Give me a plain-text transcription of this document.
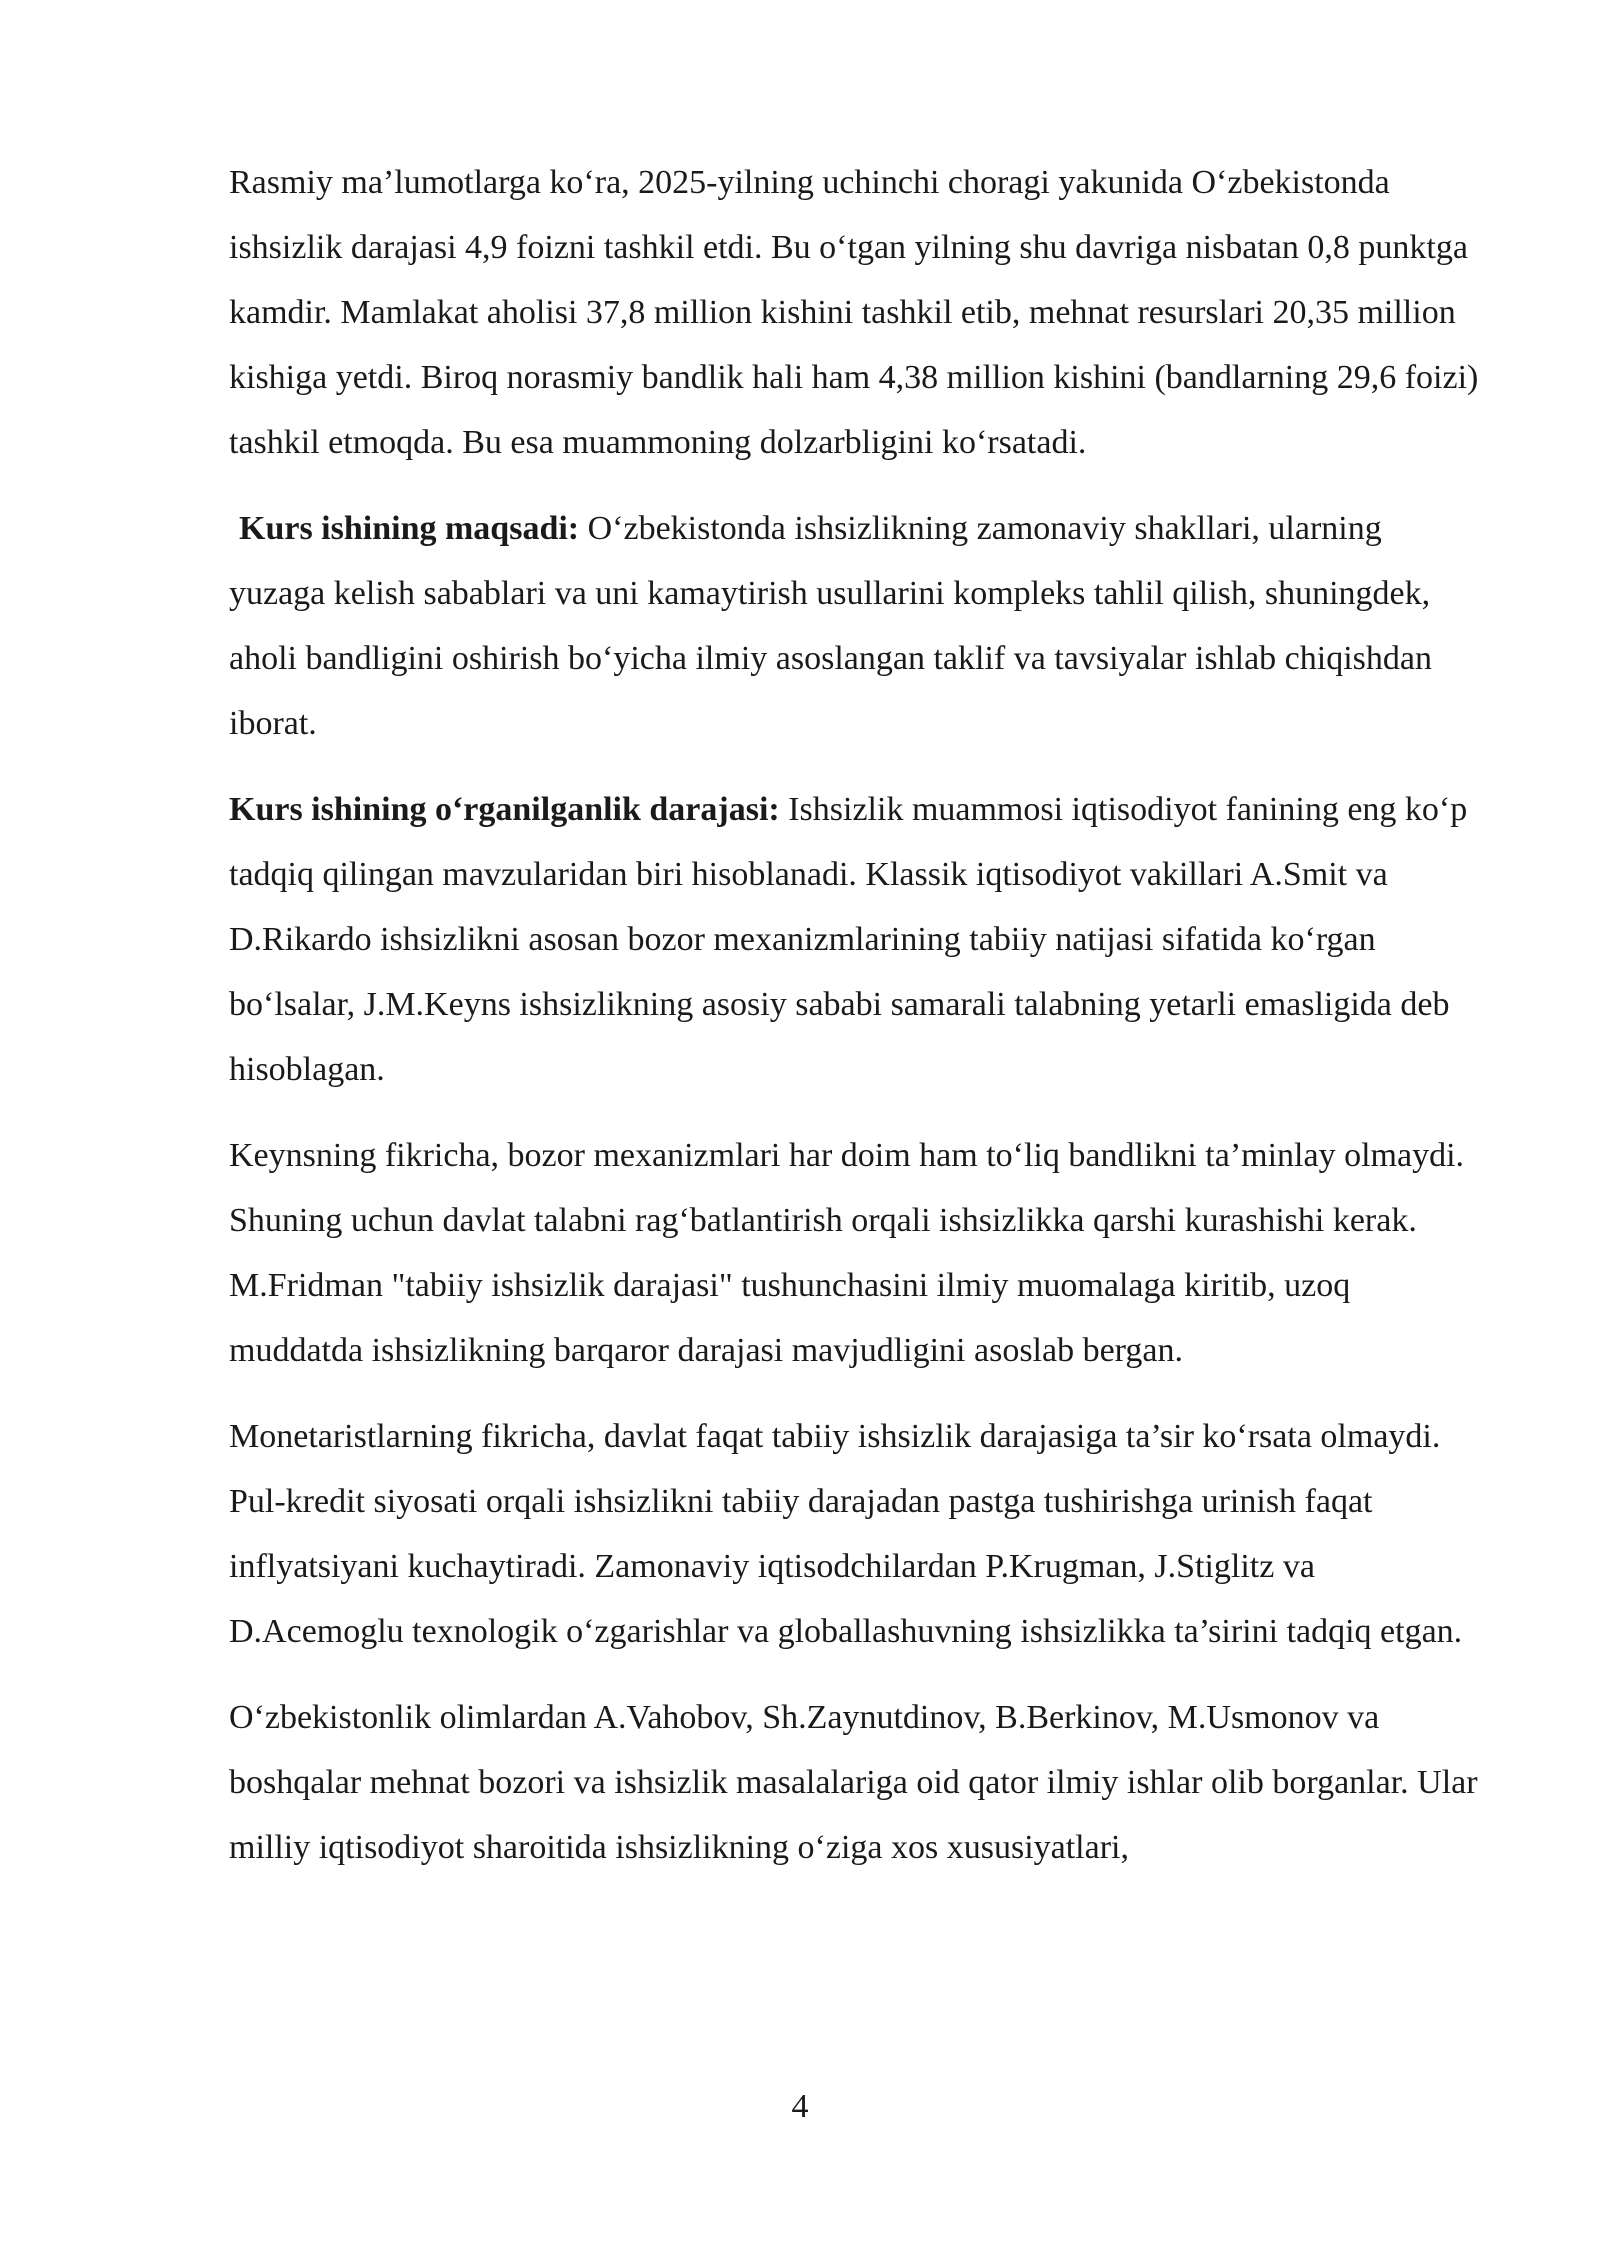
Rasmiy ma’lumotlarga ko‘ra, 2025-yilning uchinchi choragi yakunida O‘zbekistonda ishsizlik darajasi 4,9 foizni tashkil etdi. Bu o‘tgan yilning shu davriga nisbatan 0,8 punktga kamdir. Mamlakat aholisi 37,8 million kishini tashkil etib, mehnat resurslari 20,35 million kishiga yetdi. Biroq norasmiy bandlik hali ham 4,38 million kishini (bandlarning 29,6 foizi) tashkil etmoqda. Bu esa muammoning dolzarbligini ko‘rsatadi.

Kurs ishining maqsadi: O‘zbekistonda ishsizlikning zamonaviy shakllari, ularning yuzaga kelish sabablari va uni kamaytirish usullarini kompleks tahlil qilish, shuningdek, aholi bandligini oshirish bo‘yicha ilmiy asoslangan taklif va tavsiyalar ishlab chiqishdan iborat.

Kurs ishining o‘rganilganlik darajasi: Ishsizlik muammosi iqtisodiyot fanining eng ko‘p tadqiq qilingan mavzularidan biri hisoblanadi. Klassik iqtisodiyot vakillari A.Smit va D.Rikardo ishsizlikni asosan bozor mexanizmlarining tabiiy natijasi sifatida ko‘rgan bo‘lsalar, J.M.Keyns ishsizlikning asosiy sababi samarali talabning yetarli emasligida deb hisoblagan.

Keynsning fikricha, bozor mexanizmlari har doim ham to‘liq bandlikni ta’minlay olmaydi. Shuning uchun davlat talabni rag‘batlantirish orqali ishsizlikka qarshi kurashishi kerak. M.Fridman "tabiiy ishsizlik darajasi" tushunchasini ilmiy muomalaga kiritib, uzoq muddatda ishsizlikning barqaror darajasi mavjudligini asoslab bergan.

Monetaristlarning fikricha, davlat faqat tabiiy ishsizlik darajasiga ta’sir ko‘rsata olmaydi. Pul-kredit siyosati orqali ishsizlikni tabiiy darajadan pastga tushirishga urinish faqat inflyatsiyani kuchaytiradi. Zamonaviy iqtisodchilardan P.Krugman, J.Stiglitz va D.Acemoglu texnologik o‘zgarishlar va globallashuvning ishsizlikka ta’sirini tadqiq etgan.

O‘zbekistonlik olimlardan A.Vahobov, Sh.Zaynutdinov, B.Berkinov, M.Usmonov va boshqalar mehnat bozori va ishsizlik masalalariga oid qator ilmiy ishlar olib borganlar. Ular milliy iqtisodiyot sharoitida ishsizlikning o‘ziga xos xususiyatlari,

4
